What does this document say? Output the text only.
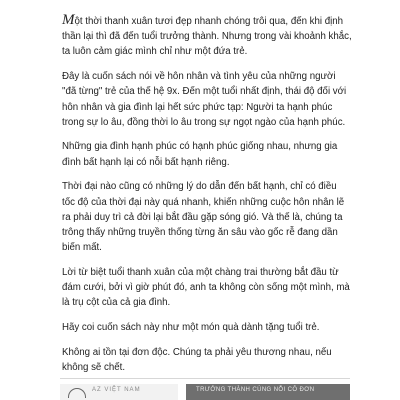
Một thời thanh xuân tươi đẹp nhanh chóng trôi qua, đến khi định thần lại thì đã đến tuổi trưởng thành. Nhưng trong vài khoảnh khắc, ta luôn cảm giác mình chỉ như một đứa trẻ.

Đây là cuốn sách nói về hôn nhân và tình yêu của những người "đã từng" trẻ của thế hệ 9x. Đến một tuổi nhất định, thái độ đối với hôn nhân và gia đình lại hết sức phức tạp: Người ta hạnh phúc trong sự lo âu, đồng thời lo âu trong sự ngọt ngào của hạnh phúc.

Những gia đình hạnh phúc có hạnh phúc giống nhau, nhưng gia đình bất hạnh lại có nỗi bất hạnh riêng.

Thời đại nào cũng có những lý do dẫn đến bất hạnh, chỉ có điều tốc độ của thời đại này quá nhanh, khiến những cuộc hôn nhân lẽ ra phải duy trì cả đời lại bắt đầu gặp sóng gió. Và thế là, chúng ta trông thấy những truyền thống từng ăn sâu vào gốc rễ đang dần biến mất.

Lời từ biệt tuổi thanh xuân của một chàng trai thường bắt đầu từ đám cưới, bởi vì giờ phút đó, anh ta không còn sống một mình, mà là trụ cột của cả gia đình.

Hãy coi cuốn sách này như một món quà dành tặng tuổi trẻ.

Không ai tồn tại đơn độc. Chúng ta phải yêu thương nhau, nếu không sẽ chết.

AZ VIỆT NAM	TRƯỞNG THÀNH CÙNG NỖI CÔ ĐƠN
